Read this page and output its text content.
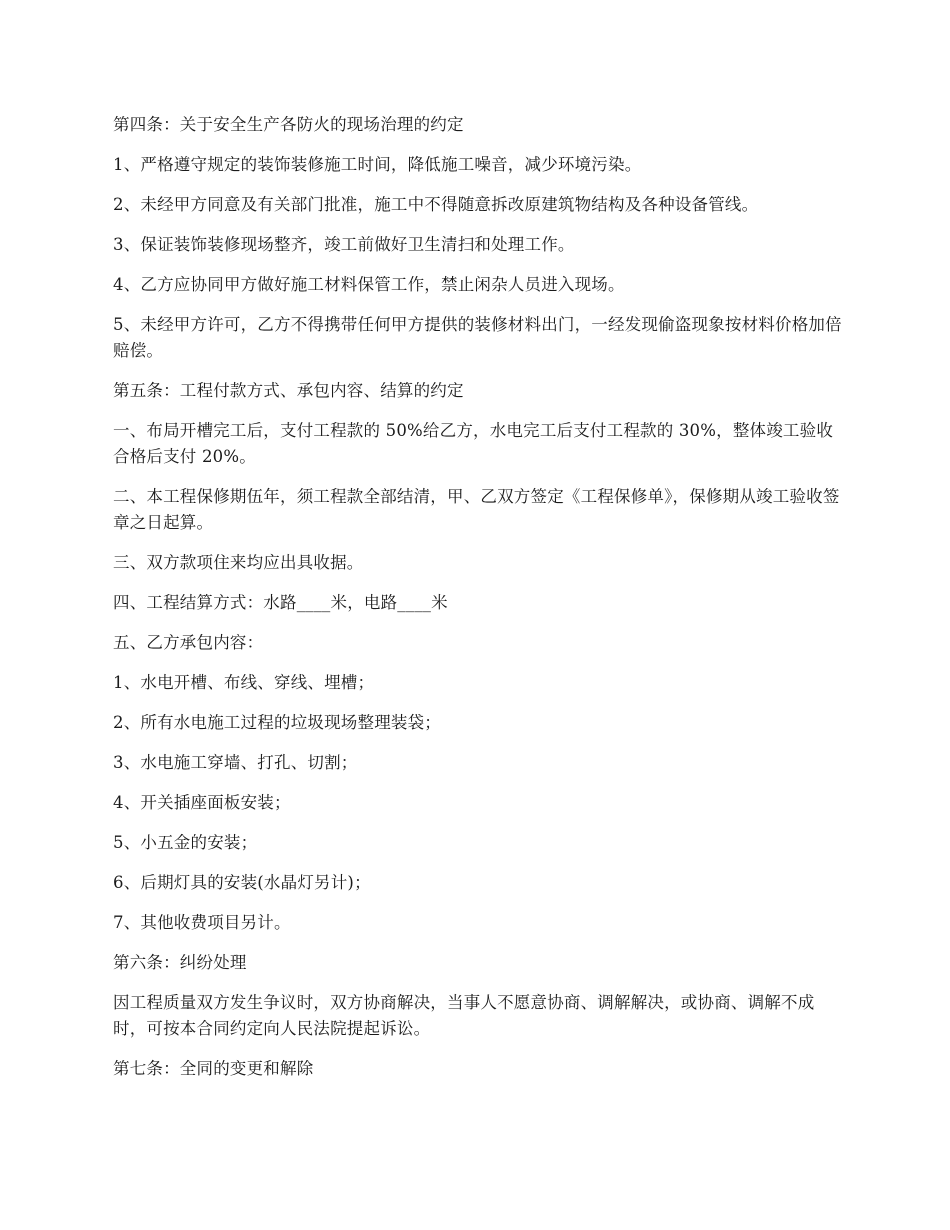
第四条：关于安全生产各防火的现场治理的约定

1、严格遵守规定的装饰装修施工时间，降低施工噪音，减少环境污染。

2、未经甲方同意及有关部门批准，施工中不得随意拆改原建筑物结构及各种设备管线。

3、保证装饰装修现场整齐，竣工前做好卫生清扫和处理工作。

4、乙方应协同甲方做好施工材料保管工作，禁止闲杂人员进入现场。

5、未经甲方许可，乙方不得携带任何甲方提供的装修材料出门，一经发现偷盗现象按材料价格加倍赔偿。

第五条：工程付款方式、承包内容、结算的约定

一、布局开槽完工后，支付工程款的 50%给乙方，水电完工后支付工程款的 30%，整体竣工验收合格后支付 20%。

二、本工程保修期伍年，须工程款全部结清，甲、乙双方签定《工程保修单》，保修期从竣工验收签章之日起算。

三、双方款项住来均应出具收据。

四、工程结算方式：水路____米，电路____米

五、乙方承包内容：

1、水电开槽、布线、穿线、埋槽；

2、所有水电施工过程的垃圾现场整理装袋；

3、水电施工穿墙、打孔、切割；

4、开关插座面板安装；

5、小五金的安装；

6、后期灯具的安装(水晶灯另计)；

7、其他收费项目另计。

第六条：纠纷处理

因工程质量双方发生争议时，双方协商解决，当事人不愿意协商、调解解决，或协商、调解不成时，可按本合同约定向人民法院提起诉讼。

第七条：全同的变更和解除
